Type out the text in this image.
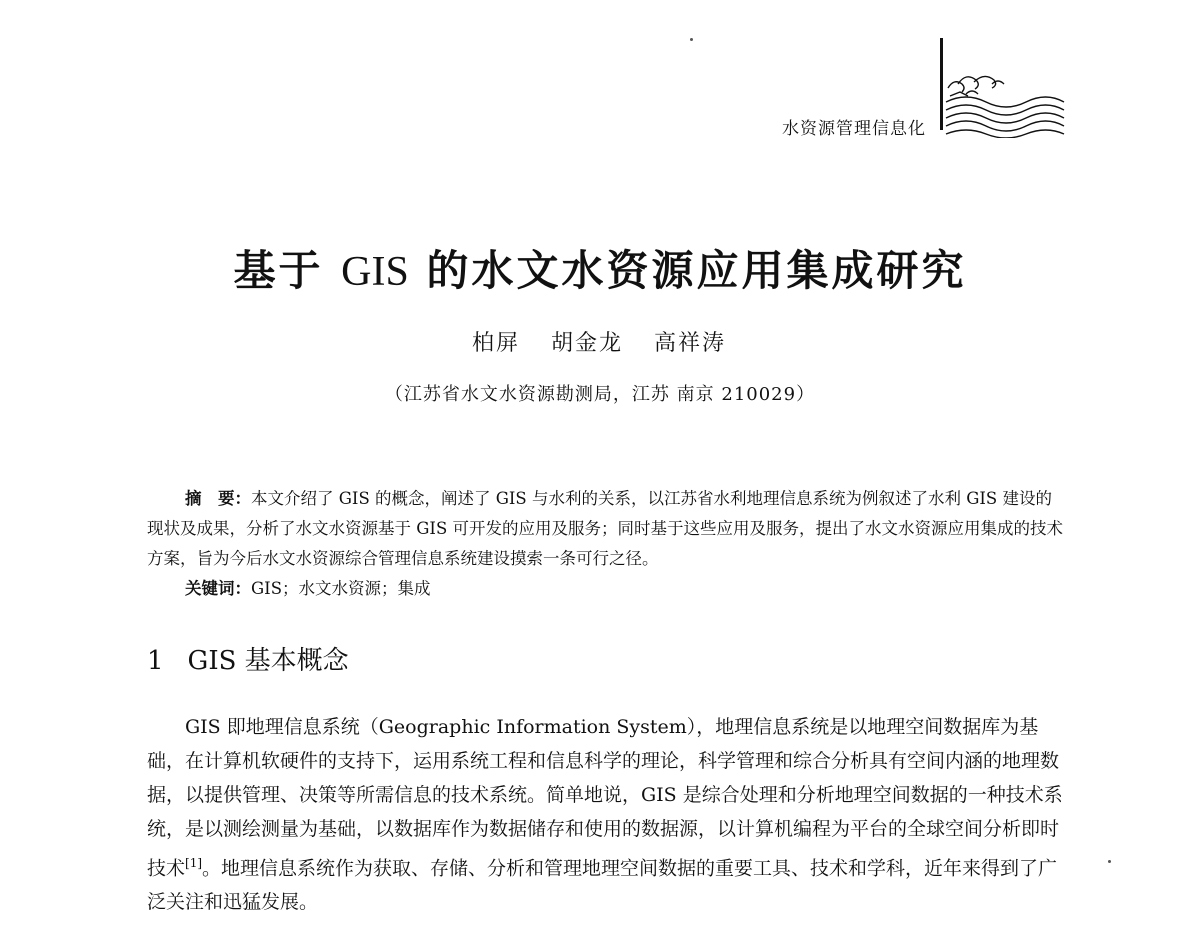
水资源管理信息化
基于 GIS 的水文水资源应用集成研究
柏屏 胡金龙 高祥涛
（江苏省水文水资源勘测局，江苏 南京 210029）

摘　要：本文介绍了 GIS 的概念，阐述了 GIS 与水利的关系，以江苏省水利地理信息系统为例叙述了水利 GIS 建设的现状及成果，分析了水文水资源基于 GIS 可开发的应用及服务；同时基于这些应用及服务，提出了水文水资源应用集成的技术方案，旨为今后水文水资源综合管理信息系统建设摸索一条可行之径。

关键词：GIS；水文水资源；集成

1 GIS 基本概念

GIS 即地理信息系统（Geographic Information System），地理信息系统是以地理空间数据库为基础，在计算机软硬件的支持下，运用系统工程和信息科学的理论，科学管理和综合分析具有空间内涵的地理数据，以提供管理、决策等所需信息的技术系统。简单地说，GIS 是综合处理和分析地理空间数据的一种技术系统，是以测绘测量为基础，以数据库作为数据储存和使用的数据源，以计算机编程为平台的全球空间分析即时技术[1]。地理信息系统作为获取、存储、分析和管理地理空间数据的重要工具、技术和学科，近年来得到了广泛关注和迅猛发展。
